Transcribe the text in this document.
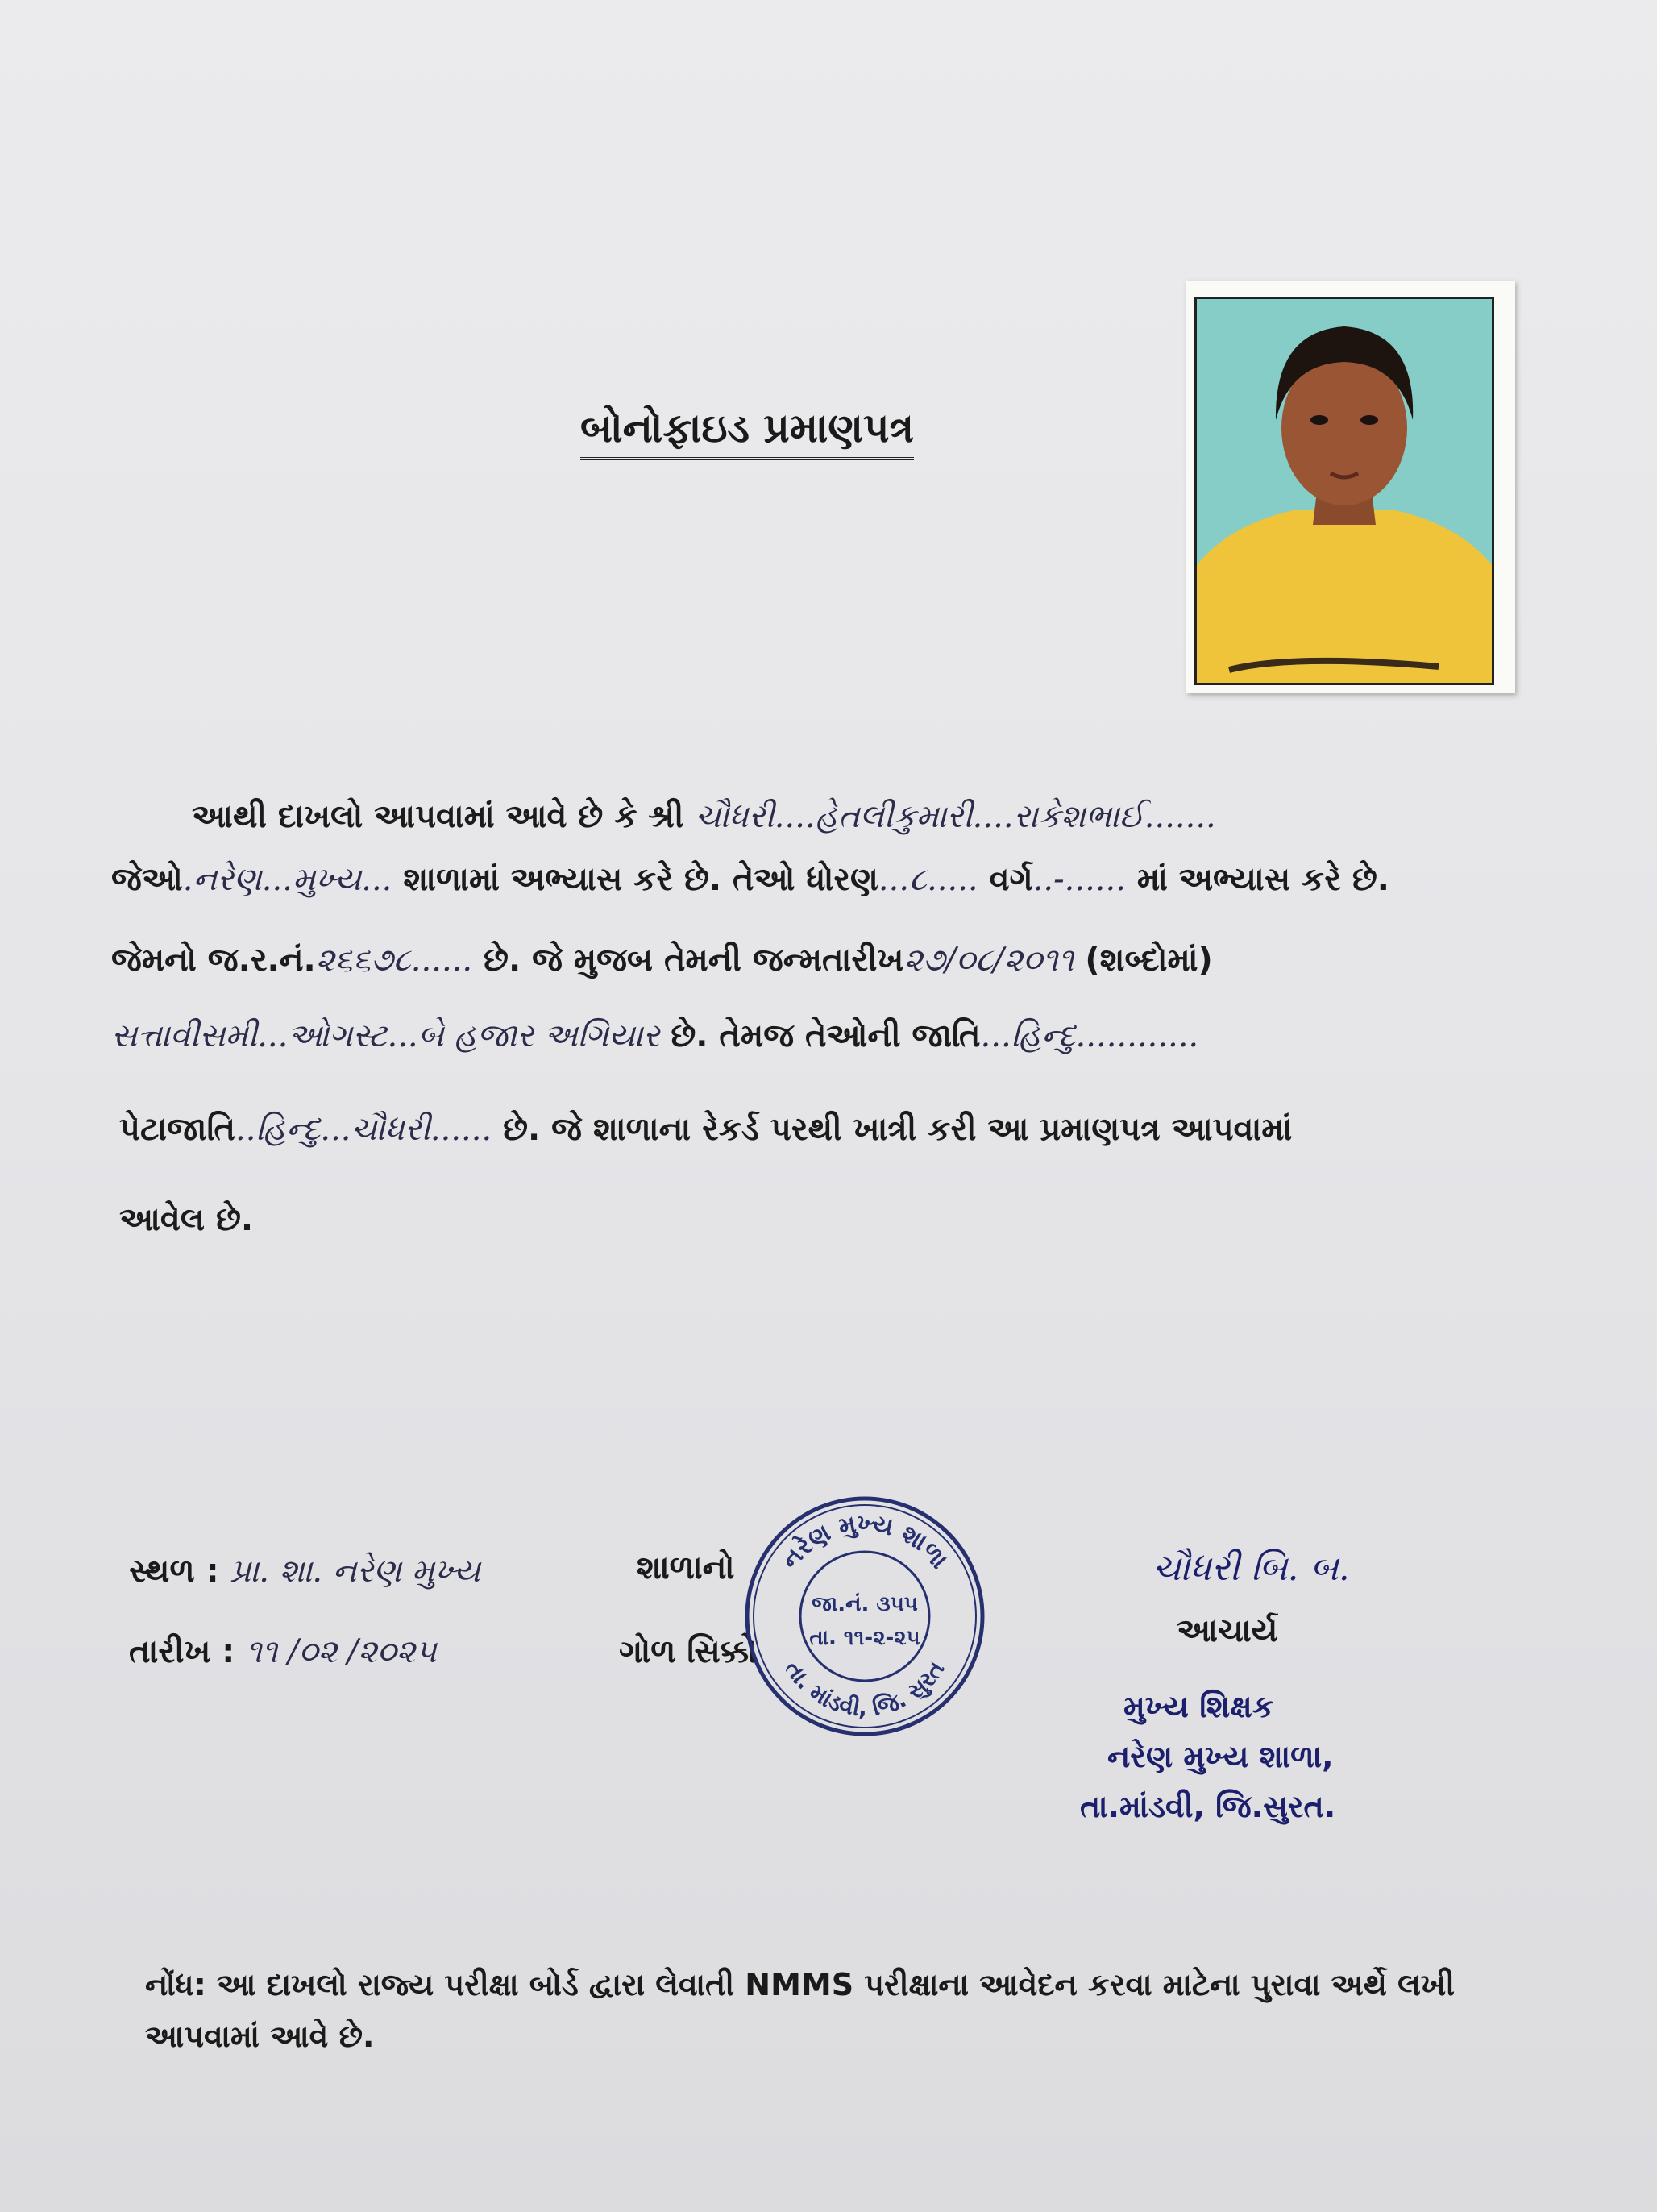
બોનોફાઇડ પ્રમાણપત્ર
આથી દાખલો આપવામાં આવે છે કે શ્રી ચૌધરી....હેતલીકુમારી....રાકેશભાઈ.......
જેઓ.નરેણ...મુખ્ય... શાળામાં અભ્યાસ કરે છે. તેઓ ધોરણ...૮..... વર્ગ..-...... માં અભ્યાસ કરે છે.
જેમનો જ.ર.નં.૨૬૬૭૮...... છે. જે મુજબ તેમની જન્મતારીખ૨૭/૦૮/૨૦૧૧ (શબ્દોમાં)
સત્તાવીસમી...ઓગસ્ટ...બે હજાર અગિયાર છે. તેમજ તેઓની જાતિ...હિન્દુ............
પેટાજાતિ..હિન્દુ...ચૌધરી...... છે. જે શાળાના રેકર્ડ પરથી ખાત્રી કરી આ પ્રમાણપત્ર આપવામાં
આવેલ છે.
સ્થળ : પ્રા. શા. નરેણ મુખ્ય
તારીખ : ૧૧ /૦૨ /૨૦૨૫
શાળાનો
ગોળ સિક્કો
નરેણ મુખ્ય શાળા
તા. માંડવી, જિ. સુરત
જા.નં. ૩૫૫
તા. ૧૧-૨-૨૫
ચૌધરી બિ. બ.
આચાર્ય
મુખ્ય શિક્ષક
નરેણ મુખ્ય શાળા,
તા.માંડવી, જિ.સુરત.
નોંધ: આ દાખલો રાજ્ય પરીક્ષા બોર્ડ દ્વારા લેવાતી NMMS પરીક્ષાના આવેદન કરવા માટેના પુરાવા અર્થે લખી આપવામાં આવે છે.
